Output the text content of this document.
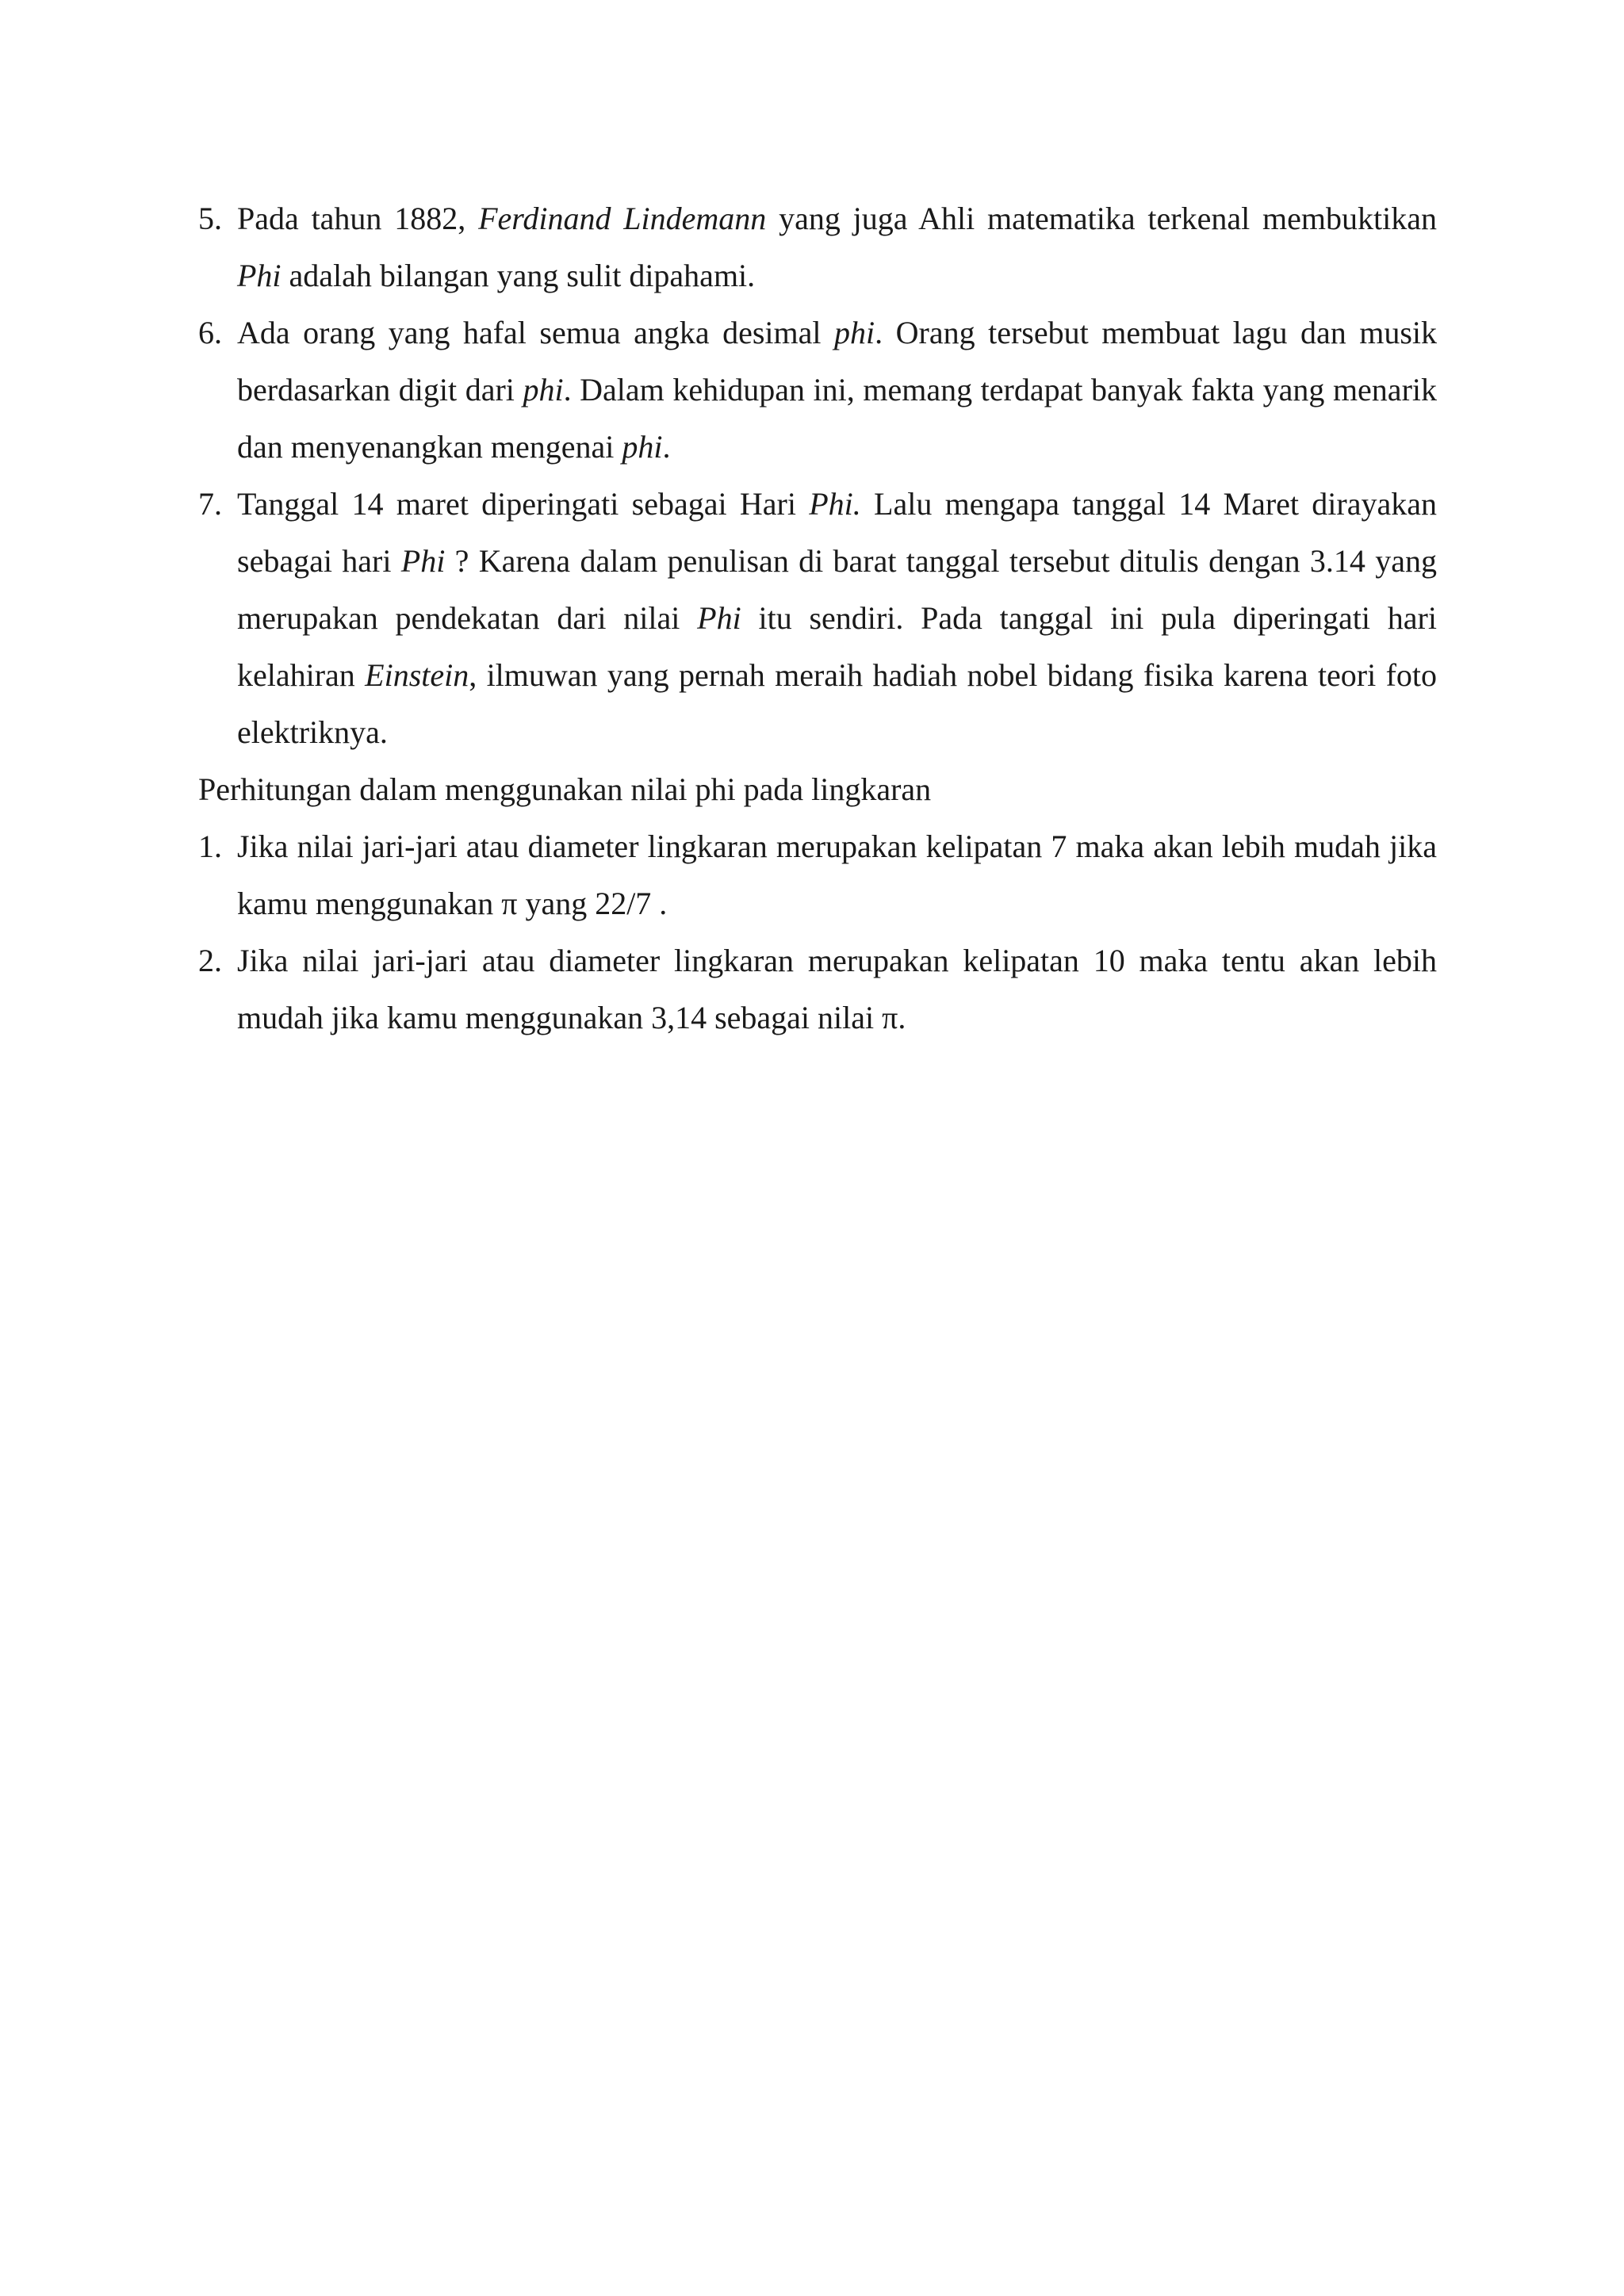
5. Pada tahun 1882, Ferdinand Lindemann yang juga Ahli matematika terkenal membuktikan Phi adalah bilangan yang sulit dipahami.
6. Ada orang yang hafal semua angka desimal phi. Orang tersebut membuat lagu dan musik berdasarkan digit dari phi. Dalam kehidupan ini, memang terdapat banyak fakta yang menarik dan menyenangkan mengenai phi.
7. Tanggal 14 maret diperingati sebagai Hari Phi. Lalu mengapa tanggal 14 Maret dirayakan sebagai hari Phi ? Karena dalam penulisan di barat tanggal tersebut ditulis dengan 3.14 yang merupakan pendekatan dari nilai Phi itu sendiri. Pada tanggal ini pula diperingati hari kelahiran Einstein, ilmuwan yang pernah meraih hadiah nobel bidang fisika karena teori foto elektriknya.

Perhitungan dalam menggunakan nilai phi pada lingkaran

1. Jika nilai jari-jari atau diameter lingkaran merupakan kelipatan 7 maka akan lebih mudah jika kamu menggunakan π yang 22/7 .
2. Jika nilai jari-jari atau diameter lingkaran merupakan kelipatan 10 maka tentu akan lebih mudah jika kamu menggunakan 3,14 sebagai nilai π.
